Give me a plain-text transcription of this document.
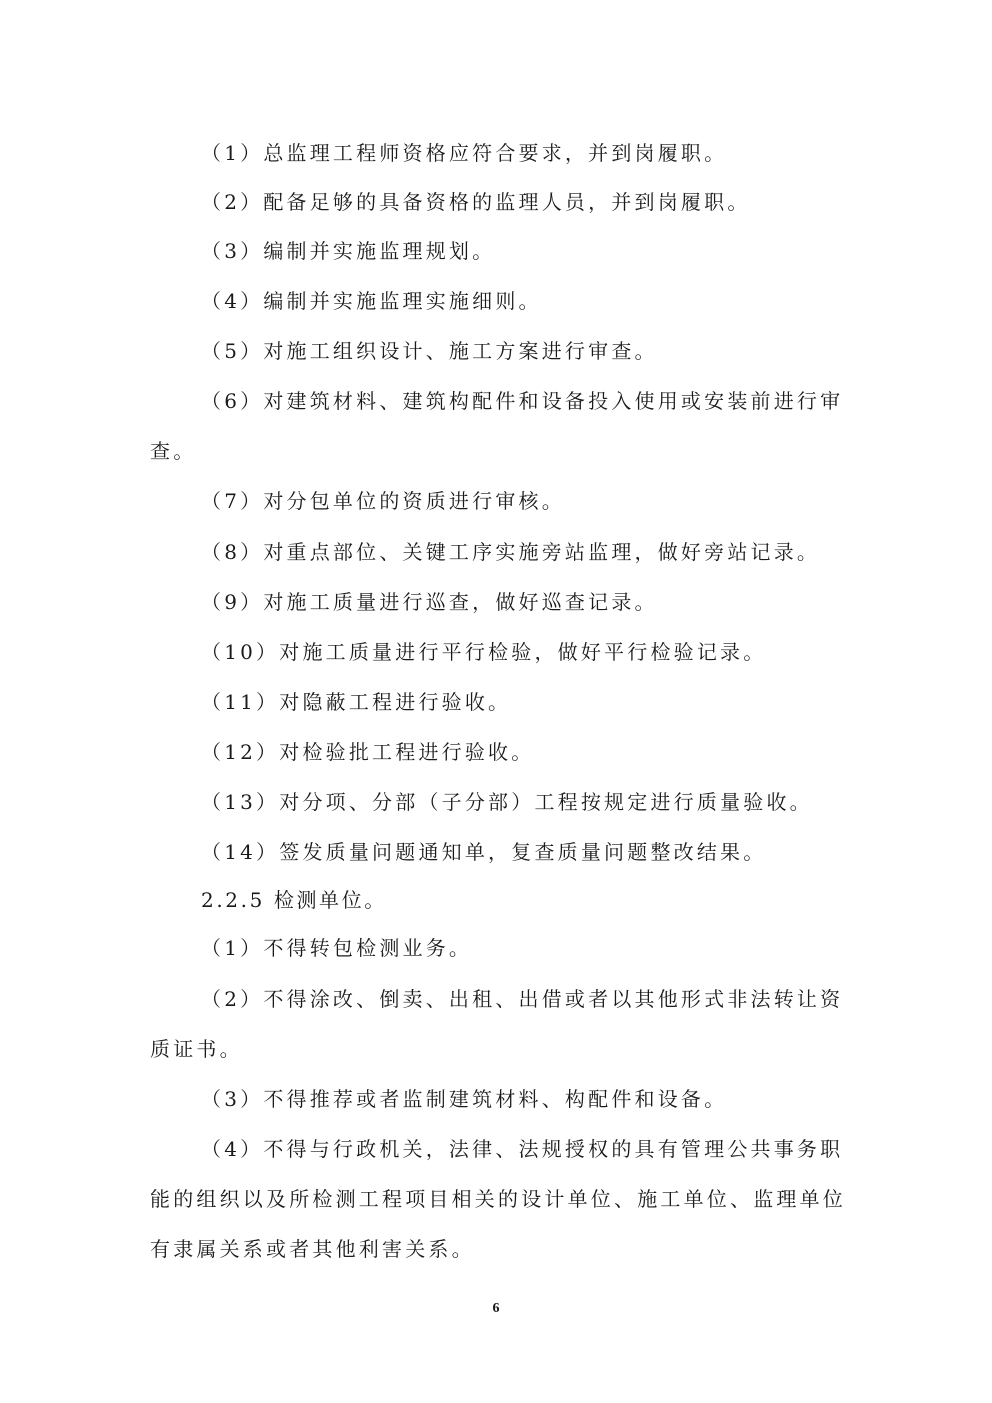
（1）总监理工程师资格应符合要求，并到岗履职。
（2）配备足够的具备资格的监理人员，并到岗履职。
（3）编制并实施监理规划。
（4）编制并实施监理实施细则。
（5）对施工组织设计、施工方案进行审查。
（6）对建筑材料、建筑构配件和设备投入使用或安装前进行审
查。
（7）对分包单位的资质进行审核。
（8）对重点部位、关键工序实施旁站监理，做好旁站记录。
（9）对施工质量进行巡查，做好巡查记录。
（10）对施工质量进行平行检验，做好平行检验记录。
（11）对隐蔽工程进行验收。
（12）对检验批工程进行验收。
（13）对分项、分部（子分部）工程按规定进行质量验收。
（14）签发质量问题通知单，复查质量问题整改结果。
2.2.5 检测单位。
（1）不得转包检测业务。
（2）不得涂改、倒卖、出租、出借或者以其他形式非法转让资
质证书。
（3）不得推荐或者监制建筑材料、构配件和设备。
（4）不得与行政机关，法律、法规授权的具有管理公共事务职
能的组织以及所检测工程项目相关的设计单位、施工单位、监理单位
有隶属关系或者其他利害关系。
6
